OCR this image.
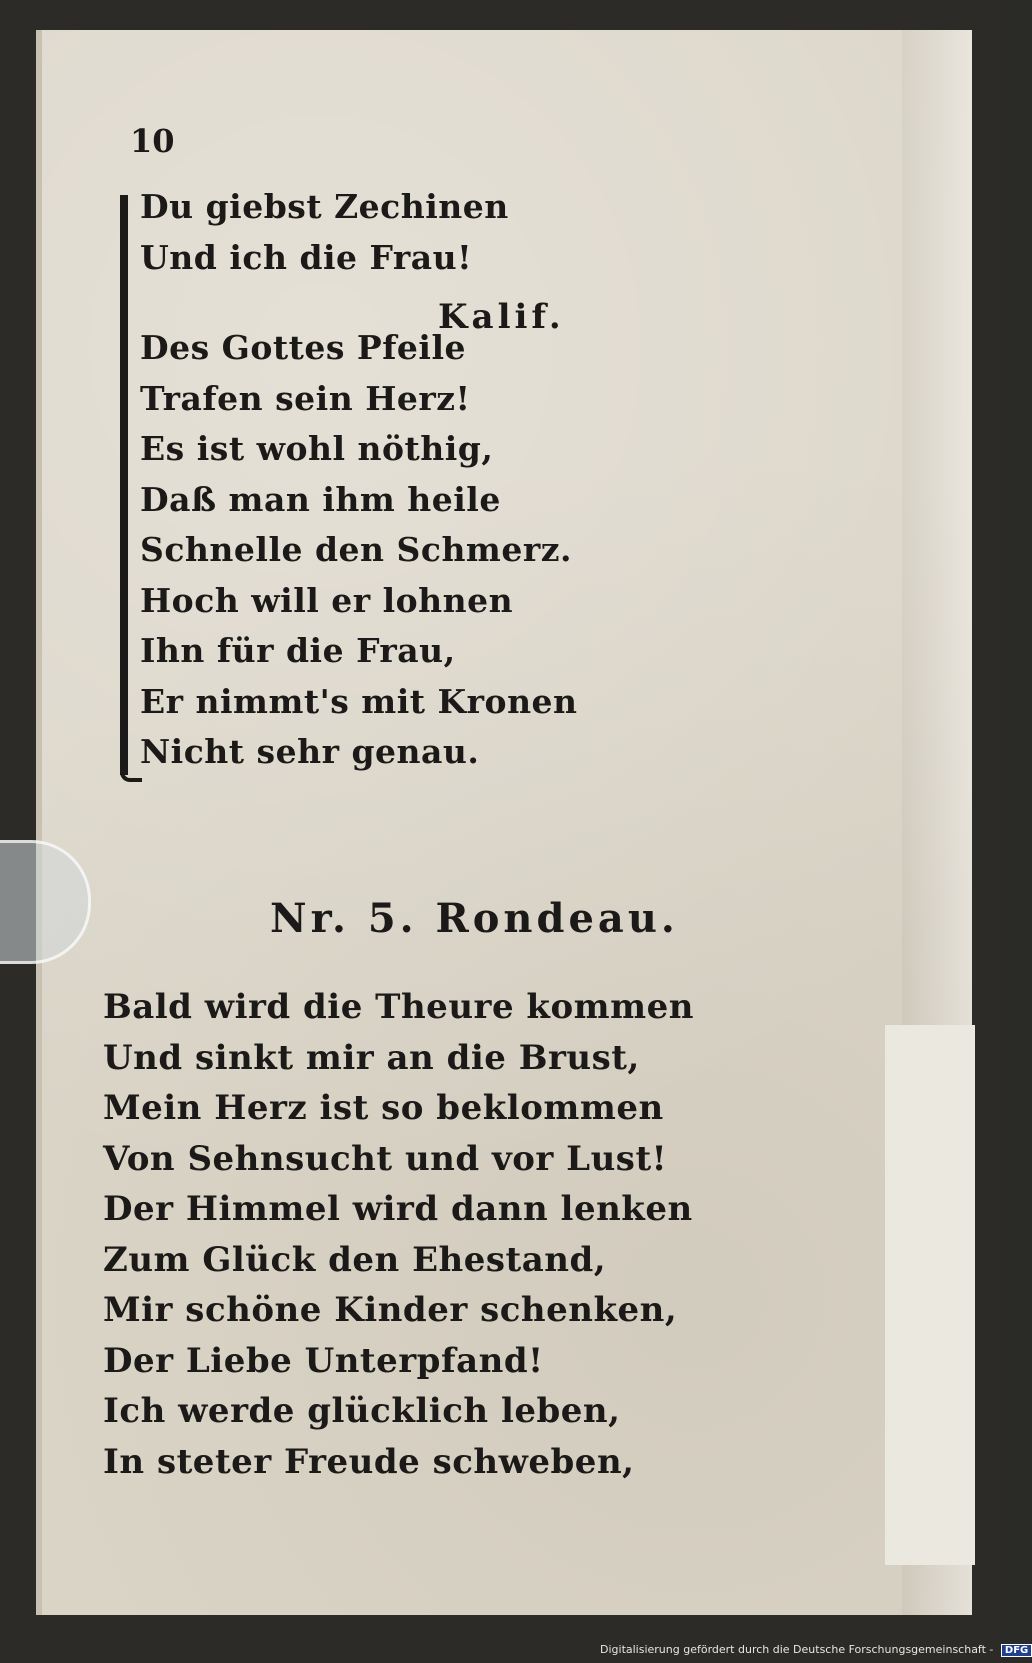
10
Du giebst Zechinen
Und ich die Frau!
Kalif.
Des Gottes Pfeile
Trafen sein Herz!
Es ist wohl nöthig,
Daß man ihm heile
Schnelle den Schmerz.
Hoch will er lohnen
Ihn für die Frau,
Er nimmt's mit Kronen
Nicht sehr genau.
Nr. 5. Rondeau.
Bald wird die Theure kommen
Und sinkt mir an die Brust,
Mein Herz ist so beklommen
Von Sehnsucht und vor Lust!
Der Himmel wird dann lenken
Zum Glück den Ehestand,
Mir schöne Kinder schenken,
Der Liebe Unterpfand!
Ich werde glücklich leben,
In steter Freude schweben,
Digitalisierung gefördert durch die Deutsche Forschungsgemeinschaft - DFG
